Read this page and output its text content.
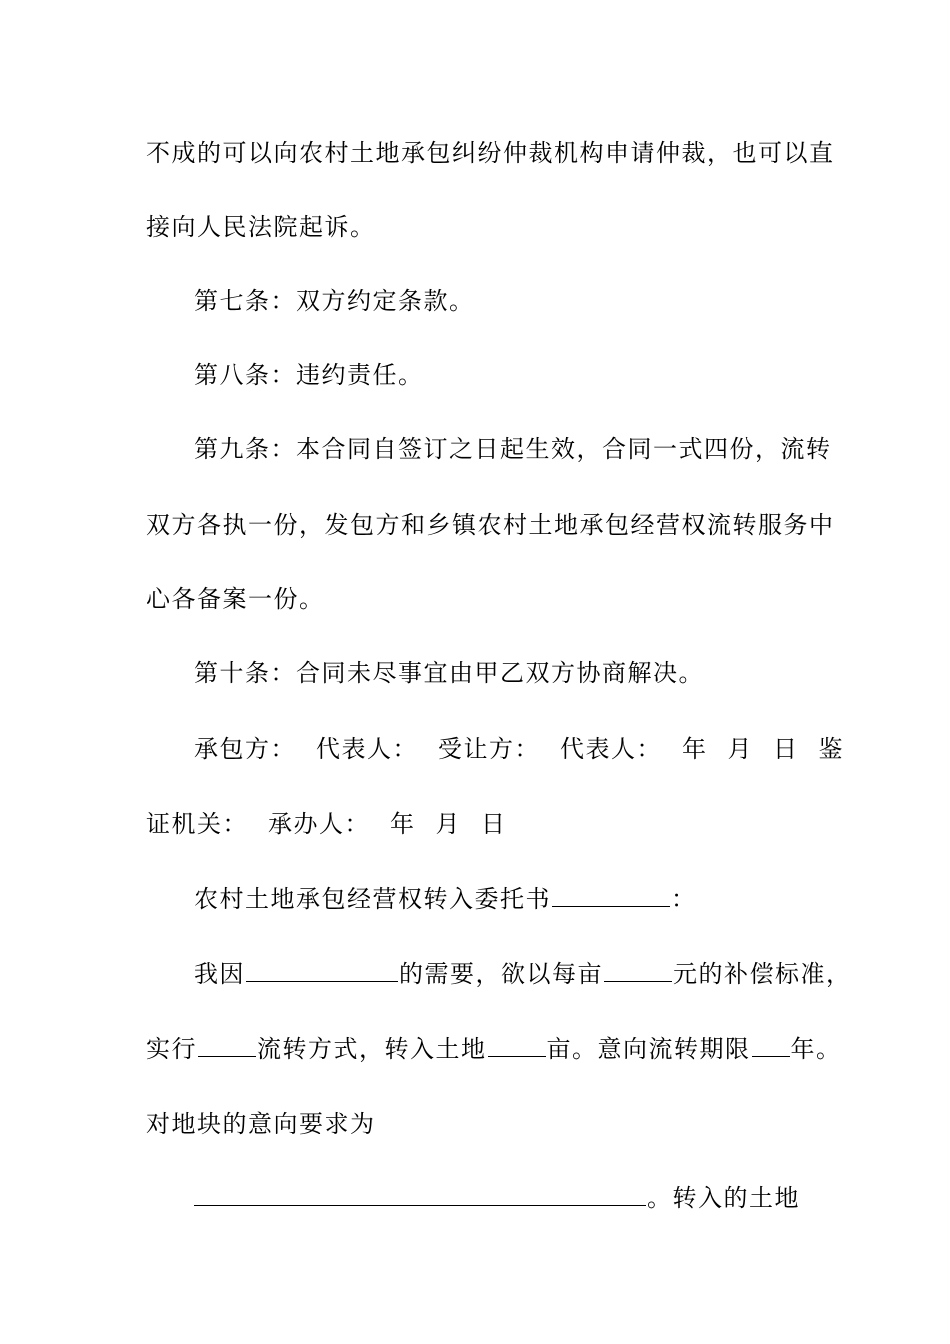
不成的可以向农村土地承包纠纷仲裁机构申请仲裁，也可以直
接向人民法院起诉。
第七条：双方约定条款。
第八条：违约责任。
第九条：本合同自签订之日起生效，合同一式四份，流转
双方各执一份，发包方和乡镇农村土地承包经营权流转服务中
心各备案一份。
第十条：合同未尽事宜由甲乙双方协商解决。
承包方： 代表人： 受让方： 代表人： 年 月 日 鉴
证机关： 承办人： 年 月 日
农村土地承包经营权转入委托书	：
我因	的需要，欲以每亩	元的补偿标准，
实行	流转方式，转入土地	亩。意向流转期限 年。
对地块的意向要求为
。转入的土地
